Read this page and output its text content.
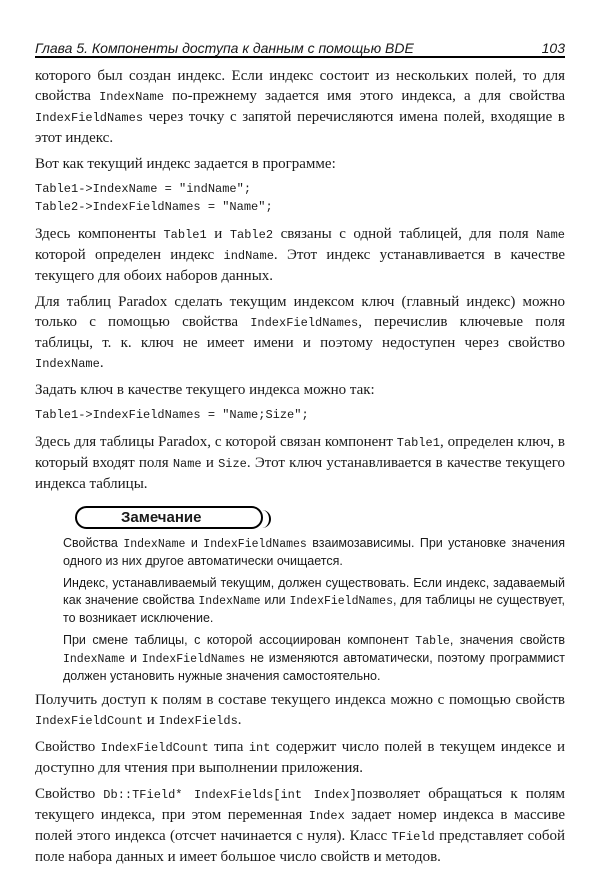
Глава 5. Компоненты доступа к данным с помощью BDE	103

которого был создан индекс. Если индекс состоит из нескольких полей, то для свойства IndexName по-прежнему задается имя этого индекса, а для свойства IndexFieldNames через точку с запятой перечисляются имена полей, входящие в этот индекс.

Вот как текущий индекс задается в программе:

Table1->IndexName = "indName";
Table2->IndexFieldNames = "Name";

Здесь компоненты Table1 и Table2 связаны с одной таблицей, для поля Name которой определен индекс indName. Этот индекс устанавливается в качестве текущего для обоих наборов данных.

Для таблиц Paradox сделать текущим индексом ключ (главный индекс) можно только с помощью свойства IndexFieldNames, перечислив ключевые поля таблицы, т. к. ключ не имеет имени и поэтому недоступен через свойство IndexName.

Задать ключ в качестве текущего индекса можно так:

Table1->IndexFieldNames = "Name;Size";

Здесь для таблицы Paradox, с которой связан компонент Table1, определен ключ, в который входят поля Name и Size. Этот ключ устанавливается в качестве текущего индекса таблицы.

Замечание

Свойства IndexName и IndexFieldNames взаимозависимы. При установке значения одного из них другое автоматически очищается.

Индекс, устанавливаемый текущим, должен существовать. Если индекс, задаваемый как значение свойства IndexName или IndexFieldNames, для таблицы не существует, то возникает исключение.

При смене таблицы, с которой ассоциирован компонент Table, значения свойств IndexName и IndexFieldNames не изменяются автоматически, поэтому программист должен установить нужные значения самостоятельно.

Получить доступ к полям в составе текущего индекса можно с помощью свойств IndexFieldCount и IndexFields.

Свойство IndexFieldCount типа int содержит число полей в текущем индексе и доступно для чтения при выполнении приложения.

Свойство Db::TField* IndexFields[int Index]позволяет обращаться к полям текущего индекса, при этом переменная Index задает номер индекса в массиве полей этого индекса (отсчет начинается с нуля). Класс TField представляет собой поле набора данных и имеет большое число свойств и методов.
